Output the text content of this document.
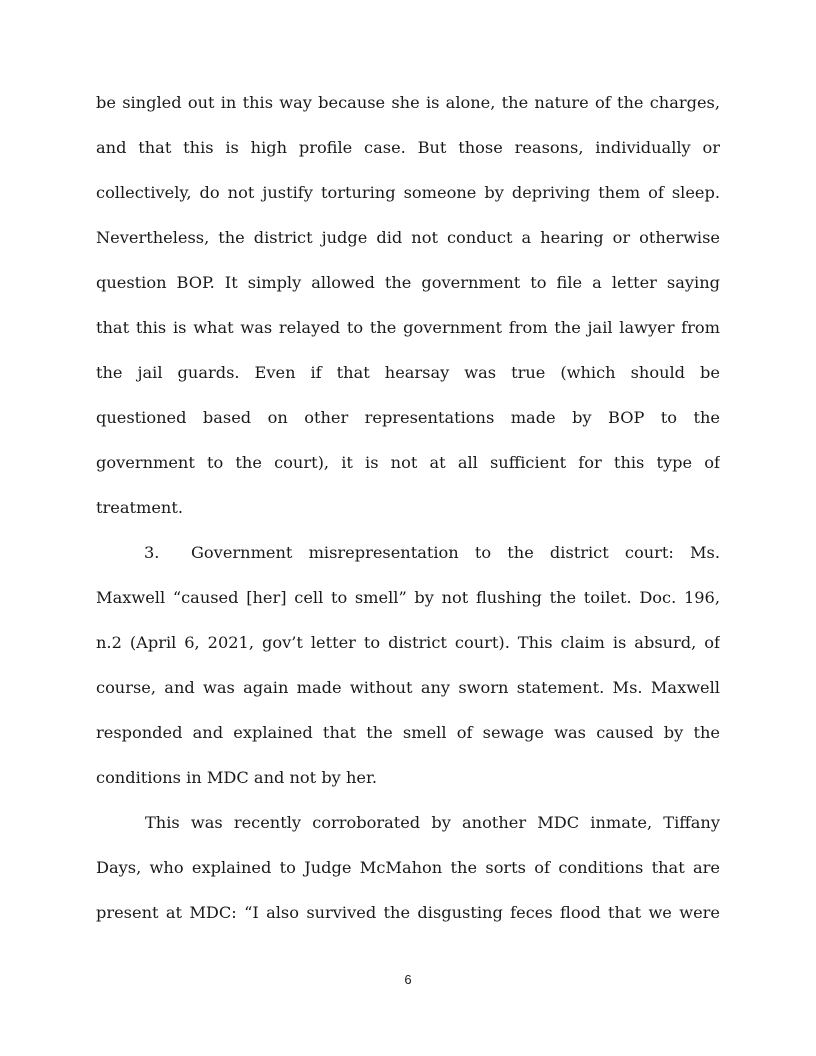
be singled out in this way because she is alone, the nature of the charges,
and that this is high profile case. But those reasons, individually or
collectively, do not justify torturing someone by depriving them of sleep.
Nevertheless, the district judge did not conduct a hearing or otherwise
question BOP. It simply allowed the government to file a letter saying
that this is what was relayed to the government from the jail lawyer from
the jail guards. Even if that hearsay was true (which should be
questioned based on other representations made by BOP to the
government to the court), it is not at all sufficient for this type of
treatment.
3. Government misrepresentation to the district court: Ms.
Maxwell “caused [her] cell to smell” by not flushing the toilet. Doc. 196,
n.2 (April 6, 2021, gov’t letter to district court). This claim is absurd, of
course, and was again made without any sworn statement. Ms. Maxwell
responded and explained that the smell of sewage was caused by the
conditions in MDC and not by her.
This was recently corroborated by another MDC inmate, Tiffany
Days, who explained to Judge McMahon the sorts of conditions that are
present at MDC: “I also survived the disgusting feces flood that we were
6
